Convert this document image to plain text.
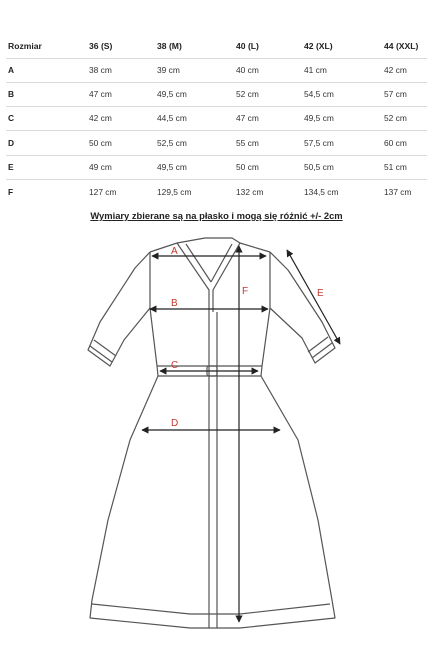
Rozmiar	36 (S)	38 (M)	40 (L)	42 (XL)	44 (XXL)
A	38 cm	39 cm	40 cm	41 cm	42 cm
B	47 cm	49,5 cm	52 cm	54,5 cm	57 cm
C	42 cm	44,5 cm	47 cm	49,5 cm	52 cm
D	50 cm	52,5 cm	55 cm	57,5 cm	60 cm
E	49 cm	49,5 cm	50 cm	50,5 cm	51 cm
F	127 cm	129,5 cm	132 cm	134,5 cm	137 cm
Wymiary zbierane są na płasko i mogą się różnić +/- 2cm
A
B
C
D
E
F
